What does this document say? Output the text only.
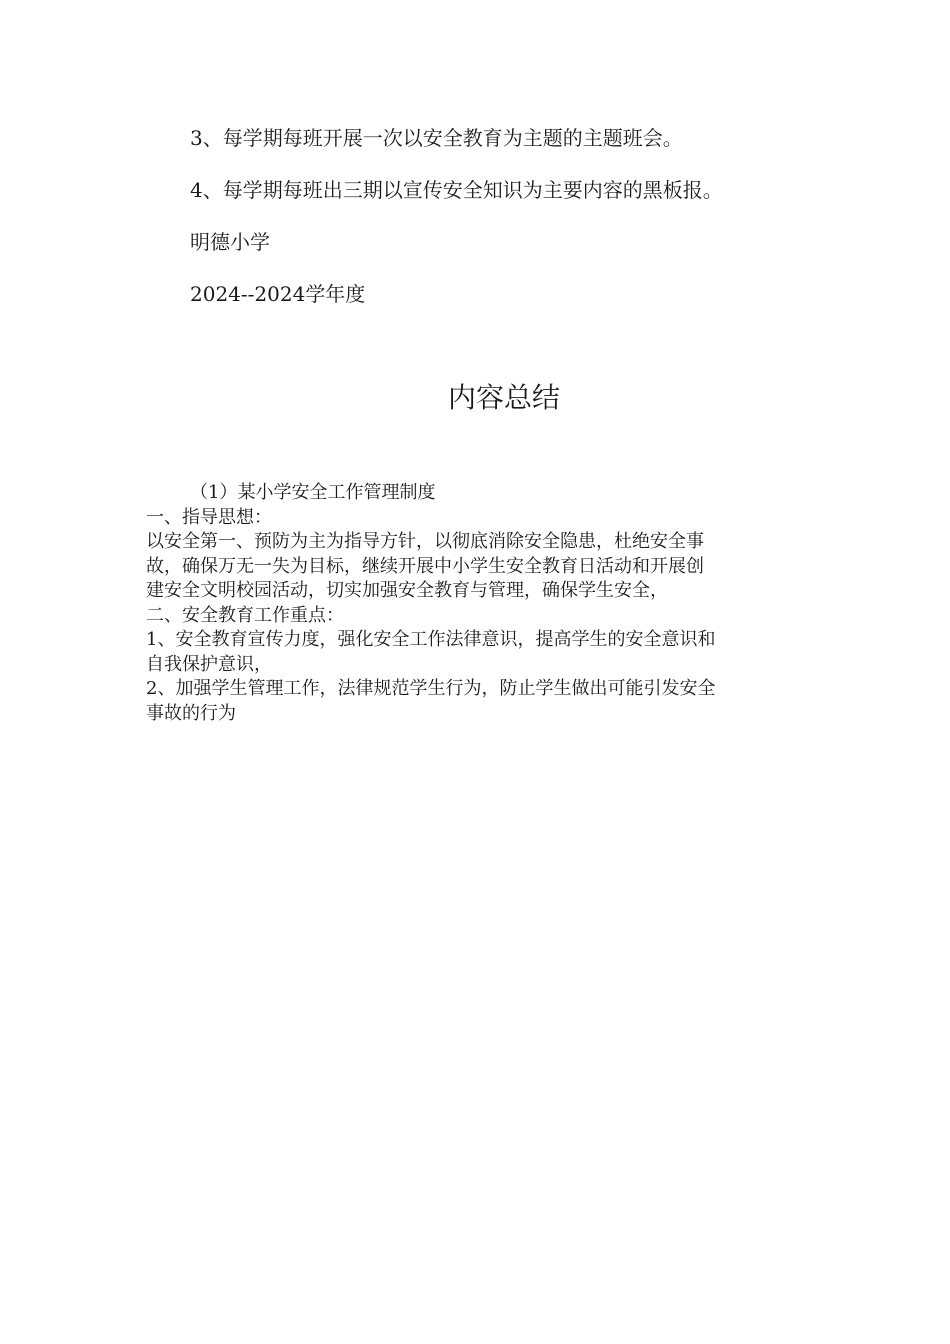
3、每学期每班开展一次以安全教育为主题的主题班会。
4、每学期每班出三期以宣传安全知识为主要内容的黑板报。
明德小学
2024--2024学年度
内容总结
（1）某小学安全工作管理制度
一、指导思想：
以安全第一、预防为主为指导方针，以彻底消除安全隐患，杜绝安全事
故，确保万无一失为目标，继续开展中小学生安全教育日活动和开展创
建安全文明校园活动，切实加强安全教育与管理，确保学生安全，
二、安全教育工作重点：
1、安全教育宣传力度，强化安全工作法律意识，提高学生的安全意识和
自我保护意识，
2、加强学生管理工作，法律规范学生行为，防止学生做出可能引发安全
事故的行为
